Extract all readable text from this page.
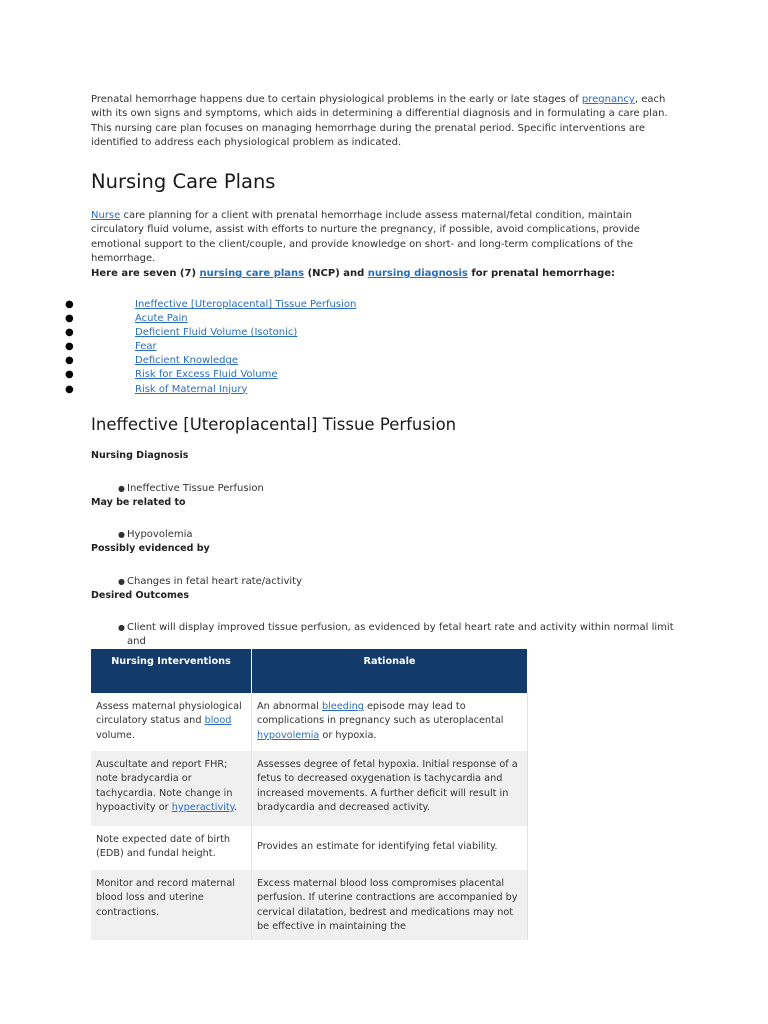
Prenatal hemorrhage happens due to certain physiological problems in the early or late stages of pregnancy, each with its own signs and symptoms, which aids in determining a differential diagnosis and in formulating a care plan. This nursing care plan focuses on managing hemorrhage during the prenatal period. Specific interventions are identified to address each physiological problem as indicated.

Nursing Care Plans

Nurse care planning for a client with prenatal hemorrhage include assess maternal/fetal condition, maintain circulatory fluid volume, assist with efforts to nurture the pregnancy, if possible, avoid complications, provide emotional support to the client/couple, and provide knowledge on short- and long-term complications of the hemorrhage.

Here are seven (7) nursing care plans (NCP) and nursing diagnosis for prenatal hemorrhage:

●	Ineffective [Uteroplacental] Tissue Perfusion
●	Acute Pain
●	Deficient Fluid Volume (Isotonic)
●	Fear
●	Deficient Knowledge
●	Risk for Excess Fluid Volume
●	Risk of Maternal Injury
Ineffective [Uteroplacental] Tissue Perfusion

Nursing Diagnosis

● Ineffective Tissue Perfusion

May be related to

● Hypovolemia

Possibly evidenced by

● Changes in fetal heart rate/activity

Desired Outcomes

● Client will display improved tissue perfusion, as evidenced by fetal heart rate and activity within normal limit and

Nursing Interventions	Rationale
Assess maternal physiological circulatory status and blood volume.	An abnormal bleeding episode may lead to complications in pregnancy such as uteroplacental hypovolemia or hypoxia.
Auscultate and report FHR; note bradycardia or tachycardia. Note change in hypoactivity or hyperactivity.	Assesses degree of fetal hypoxia. Initial response of a fetus to decreased oxygenation is tachycardia and increased movements. A further deficit will result in bradycardia and decreased activity.
Note expected date of birth (EDB) and fundal height.	Provides an estimate for identifying fetal viability.

Monitor and record maternal blood loss and uterine contractions.	Excess maternal blood loss compromises placental perfusion. If uterine contractions are accompanied by cervical dilatation, bedrest and medications may not be effective in maintaining the
